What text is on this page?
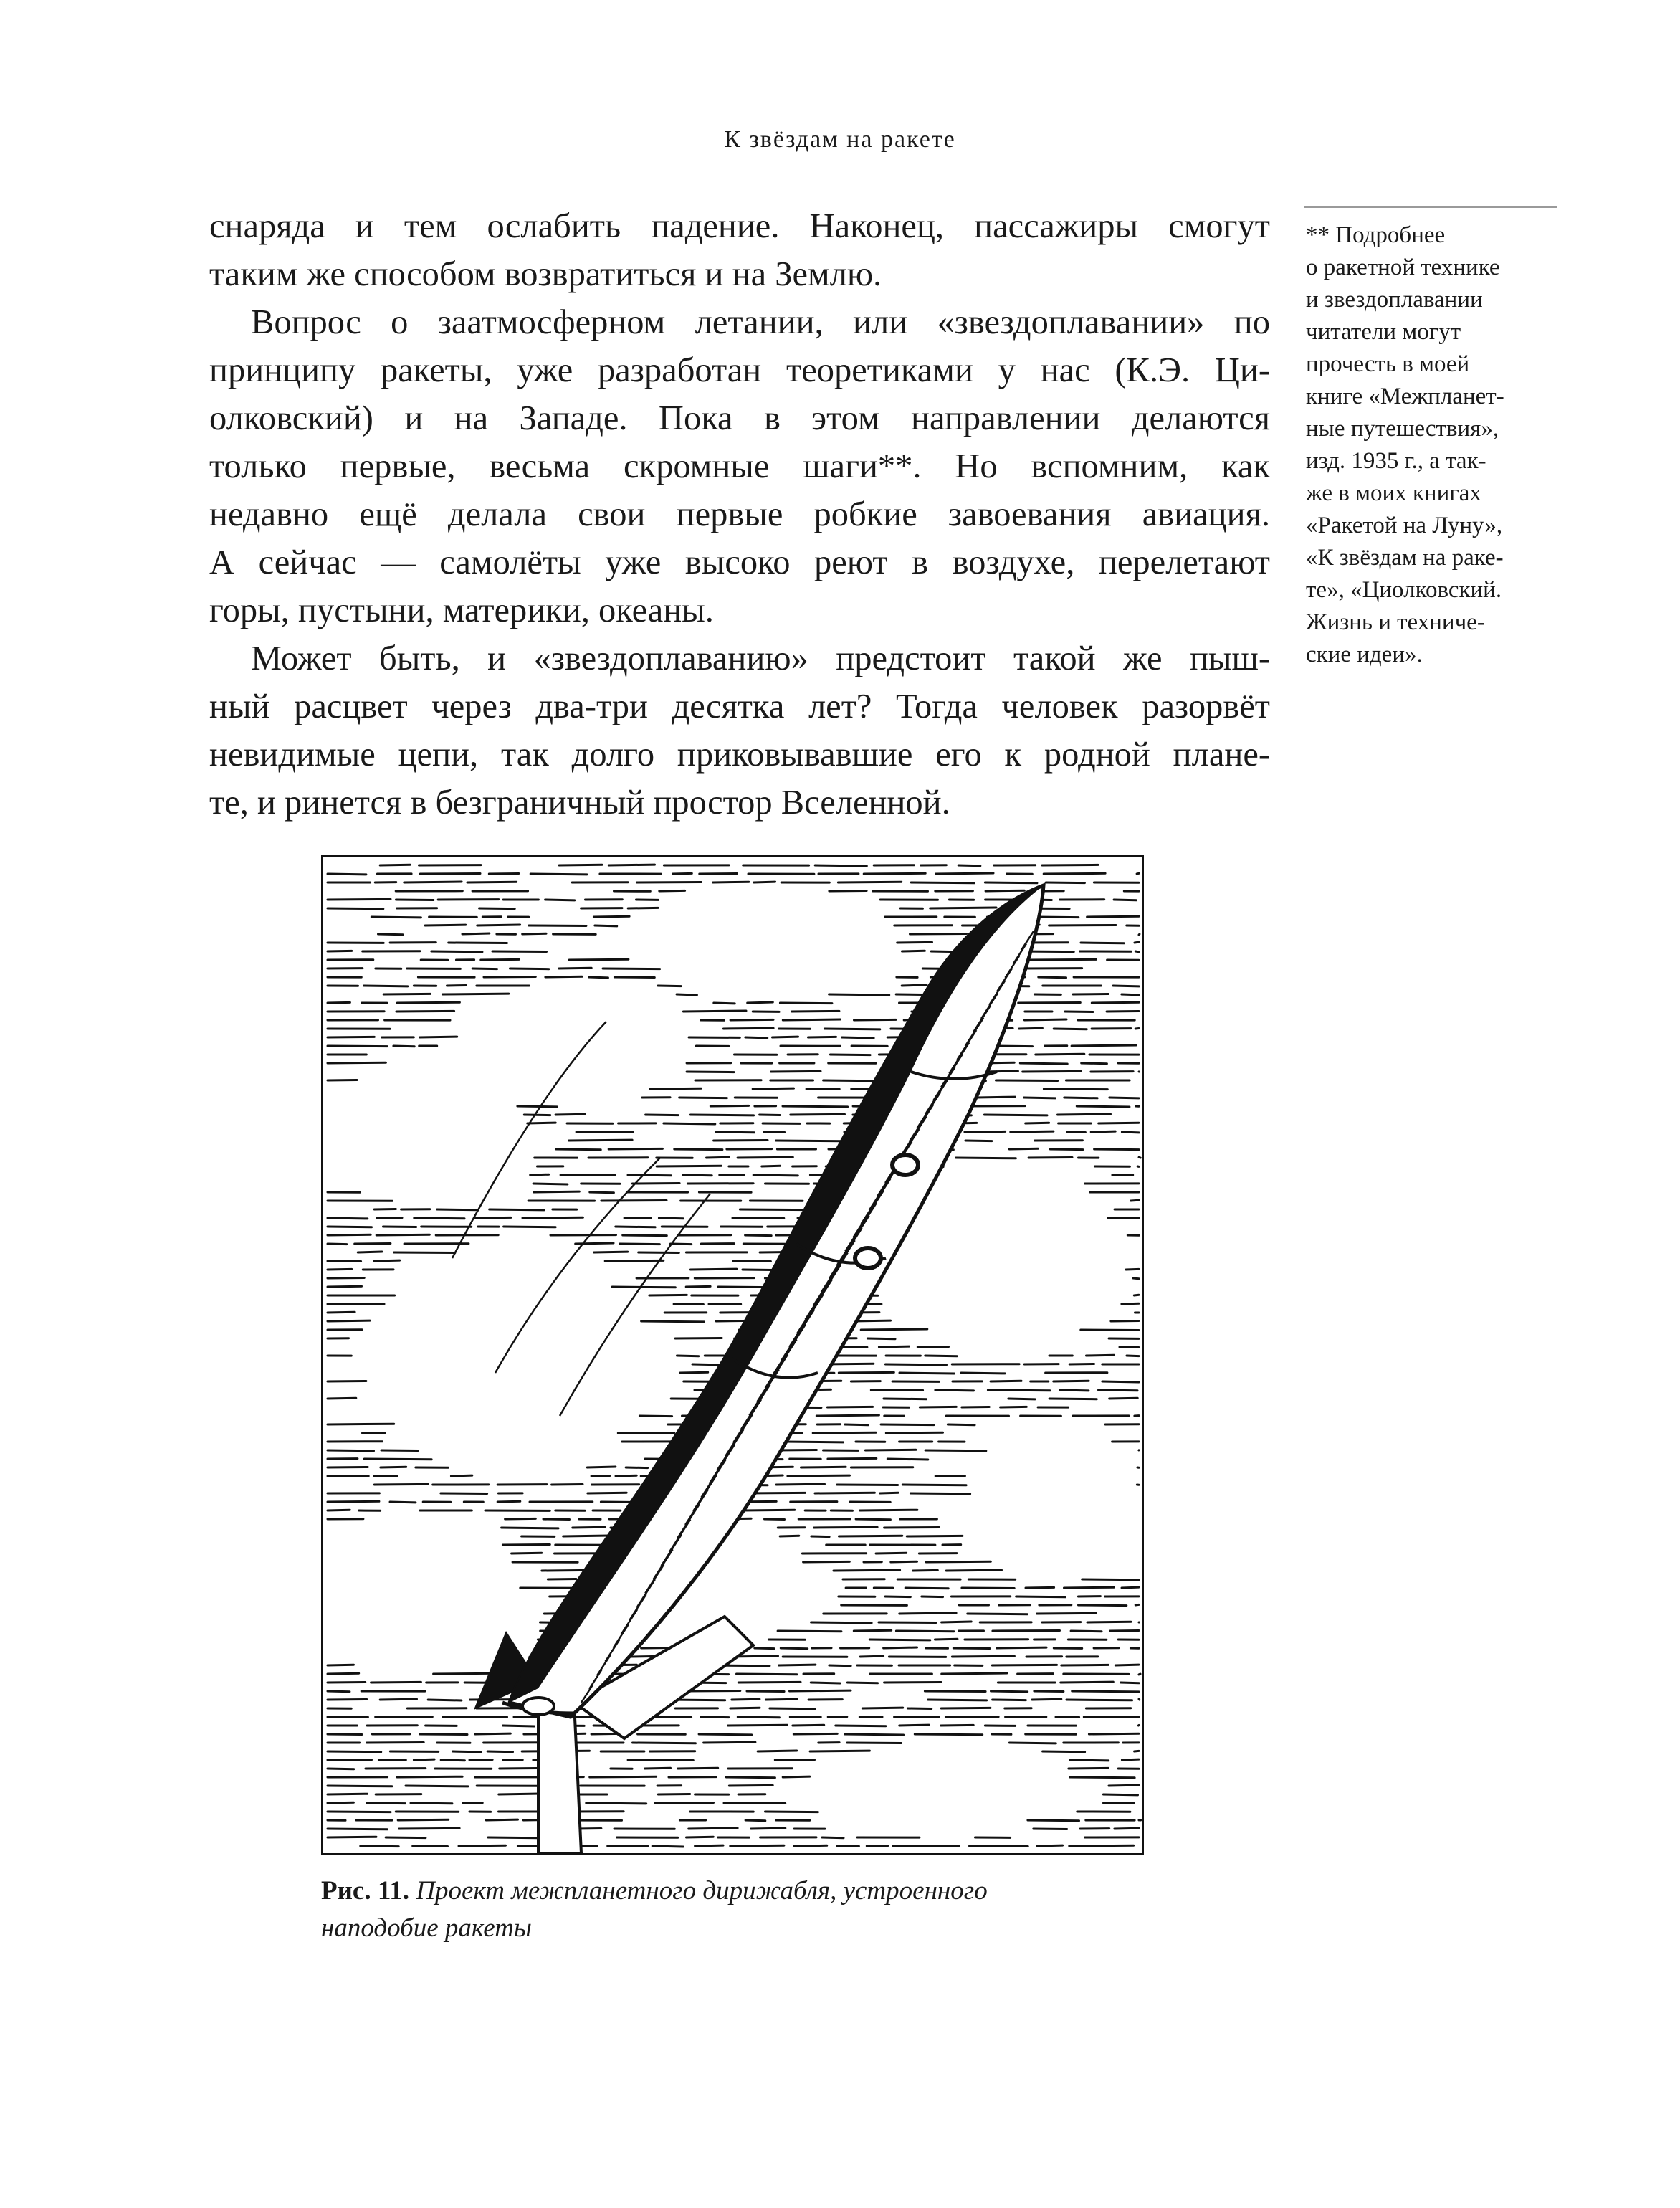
К звёздам на ракете

снаряда и тем ослабить падение. Наконец, пассажиры смогут
таким же способом возвратиться и на Землю.

Вопрос о заатмосферном летании, или «звездоплавании» по
принципу ракеты, уже разработан теоретиками у нас (К.Э. Ци-
олковский) и на Западе. Пока в этом направлении делаются
только первые, весьма скромные шаги**. Но вспомним, как
недавно ещё делала свои первые робкие завоевания авиация.
А сейчас — самолёты уже высоко реют в воздухе, перелетают
горы, пустыни, материки, океаны.

Может быть, и «звездоплаванию» предстоит такой же пыш-
ный расцвет через два-три десятка лет? Тогда человек разорвёт
невидимые цепи, так долго приковывавшие его к родной плане-
те, и ринется в безграничный простор Вселенной.

** Подробнее
о ракетной технике
и звездоплавании
читатели могут
прочесть в моей
книге «Межпланет-
ные путешествия»,
изд. 1935 г., а так-
же в моих книгах
«Ракетой на Луну»,
«К звёздам на раке-
те», «Циолковский.
Жизнь и техниче-
ские идеи».
Рис. 11. Проект межпланетного дирижабля, устроенного
наподобие ракеты
